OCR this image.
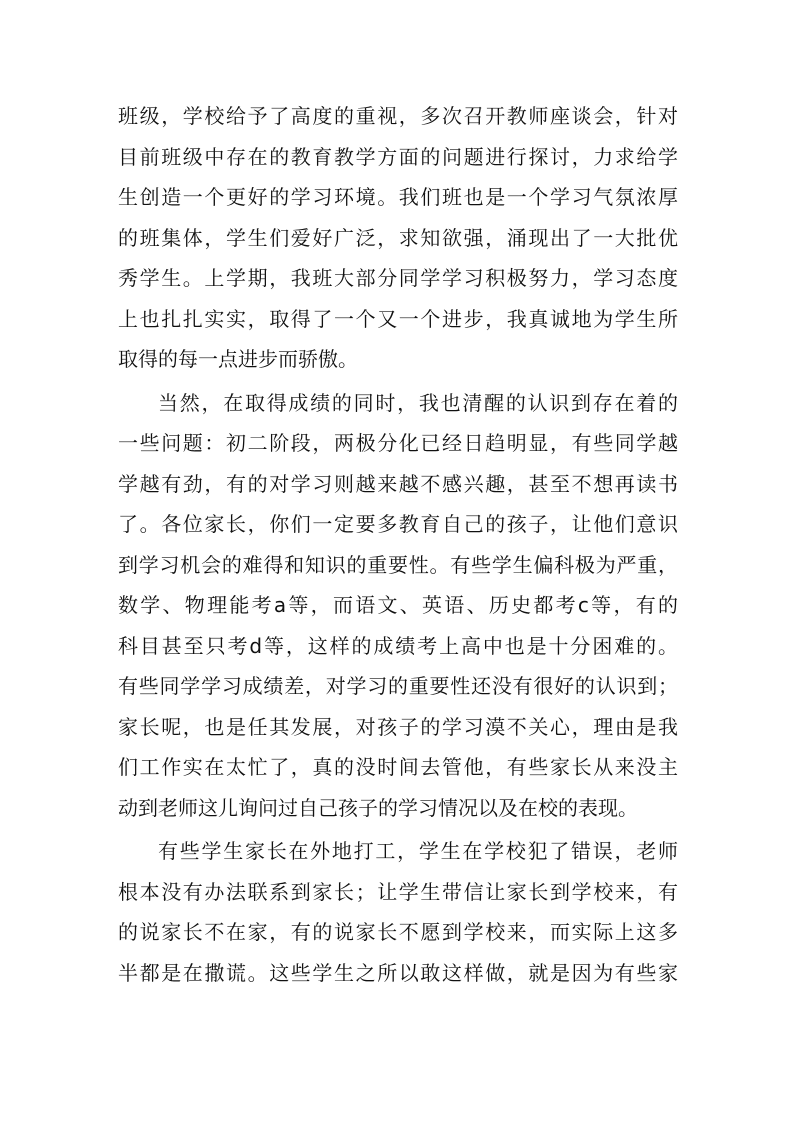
班级，学校给予了高度的重视，多次召开教师座谈会，针对
目前班级中存在的教育教学方面的问题进行探讨，力求给学
生创造一个更好的学习环境。我们班也是一个学习气氛浓厚
的班集体，学生们爱好广泛，求知欲强，涌现出了一大批优
秀学生。上学期，我班大部分同学学习积极努力，学习态度
上也扎扎实实，取得了一个又一个进步，我真诚地为学生所
取得的每一点进步而骄傲。
当然，在取得成绩的同时，我也清醒的认识到存在着的
一些问题：初二阶段，两极分化已经日趋明显，有些同学越
学越有劲，有的对学习则越来越不感兴趣，甚至不想再读书
了。各位家长，你们一定要多教育自己的孩子，让他们意识
到学习机会的难得和知识的重要性。有些学生偏科极为严重，
数学、物理能考a等，而语文、英语、历史都考c等，有的
科目甚至只考d等，这样的成绩考上高中也是十分困难的。
有些同学学习成绩差，对学习的重要性还没有很好的认识到；
家长呢，也是任其发展，对孩子的学习漠不关心，理由是我
们工作实在太忙了，真的没时间去管他，有些家长从来没主
动到老师这儿询问过自己孩子的学习情况以及在校的表现。
有些学生家长在外地打工，学生在学校犯了错误，老师
根本没有办法联系到家长；让学生带信让家长到学校来，有
的说家长不在家，有的说家长不愿到学校来，而实际上这多
半都是在撒谎。这些学生之所以敢这样做，就是因为有些家
